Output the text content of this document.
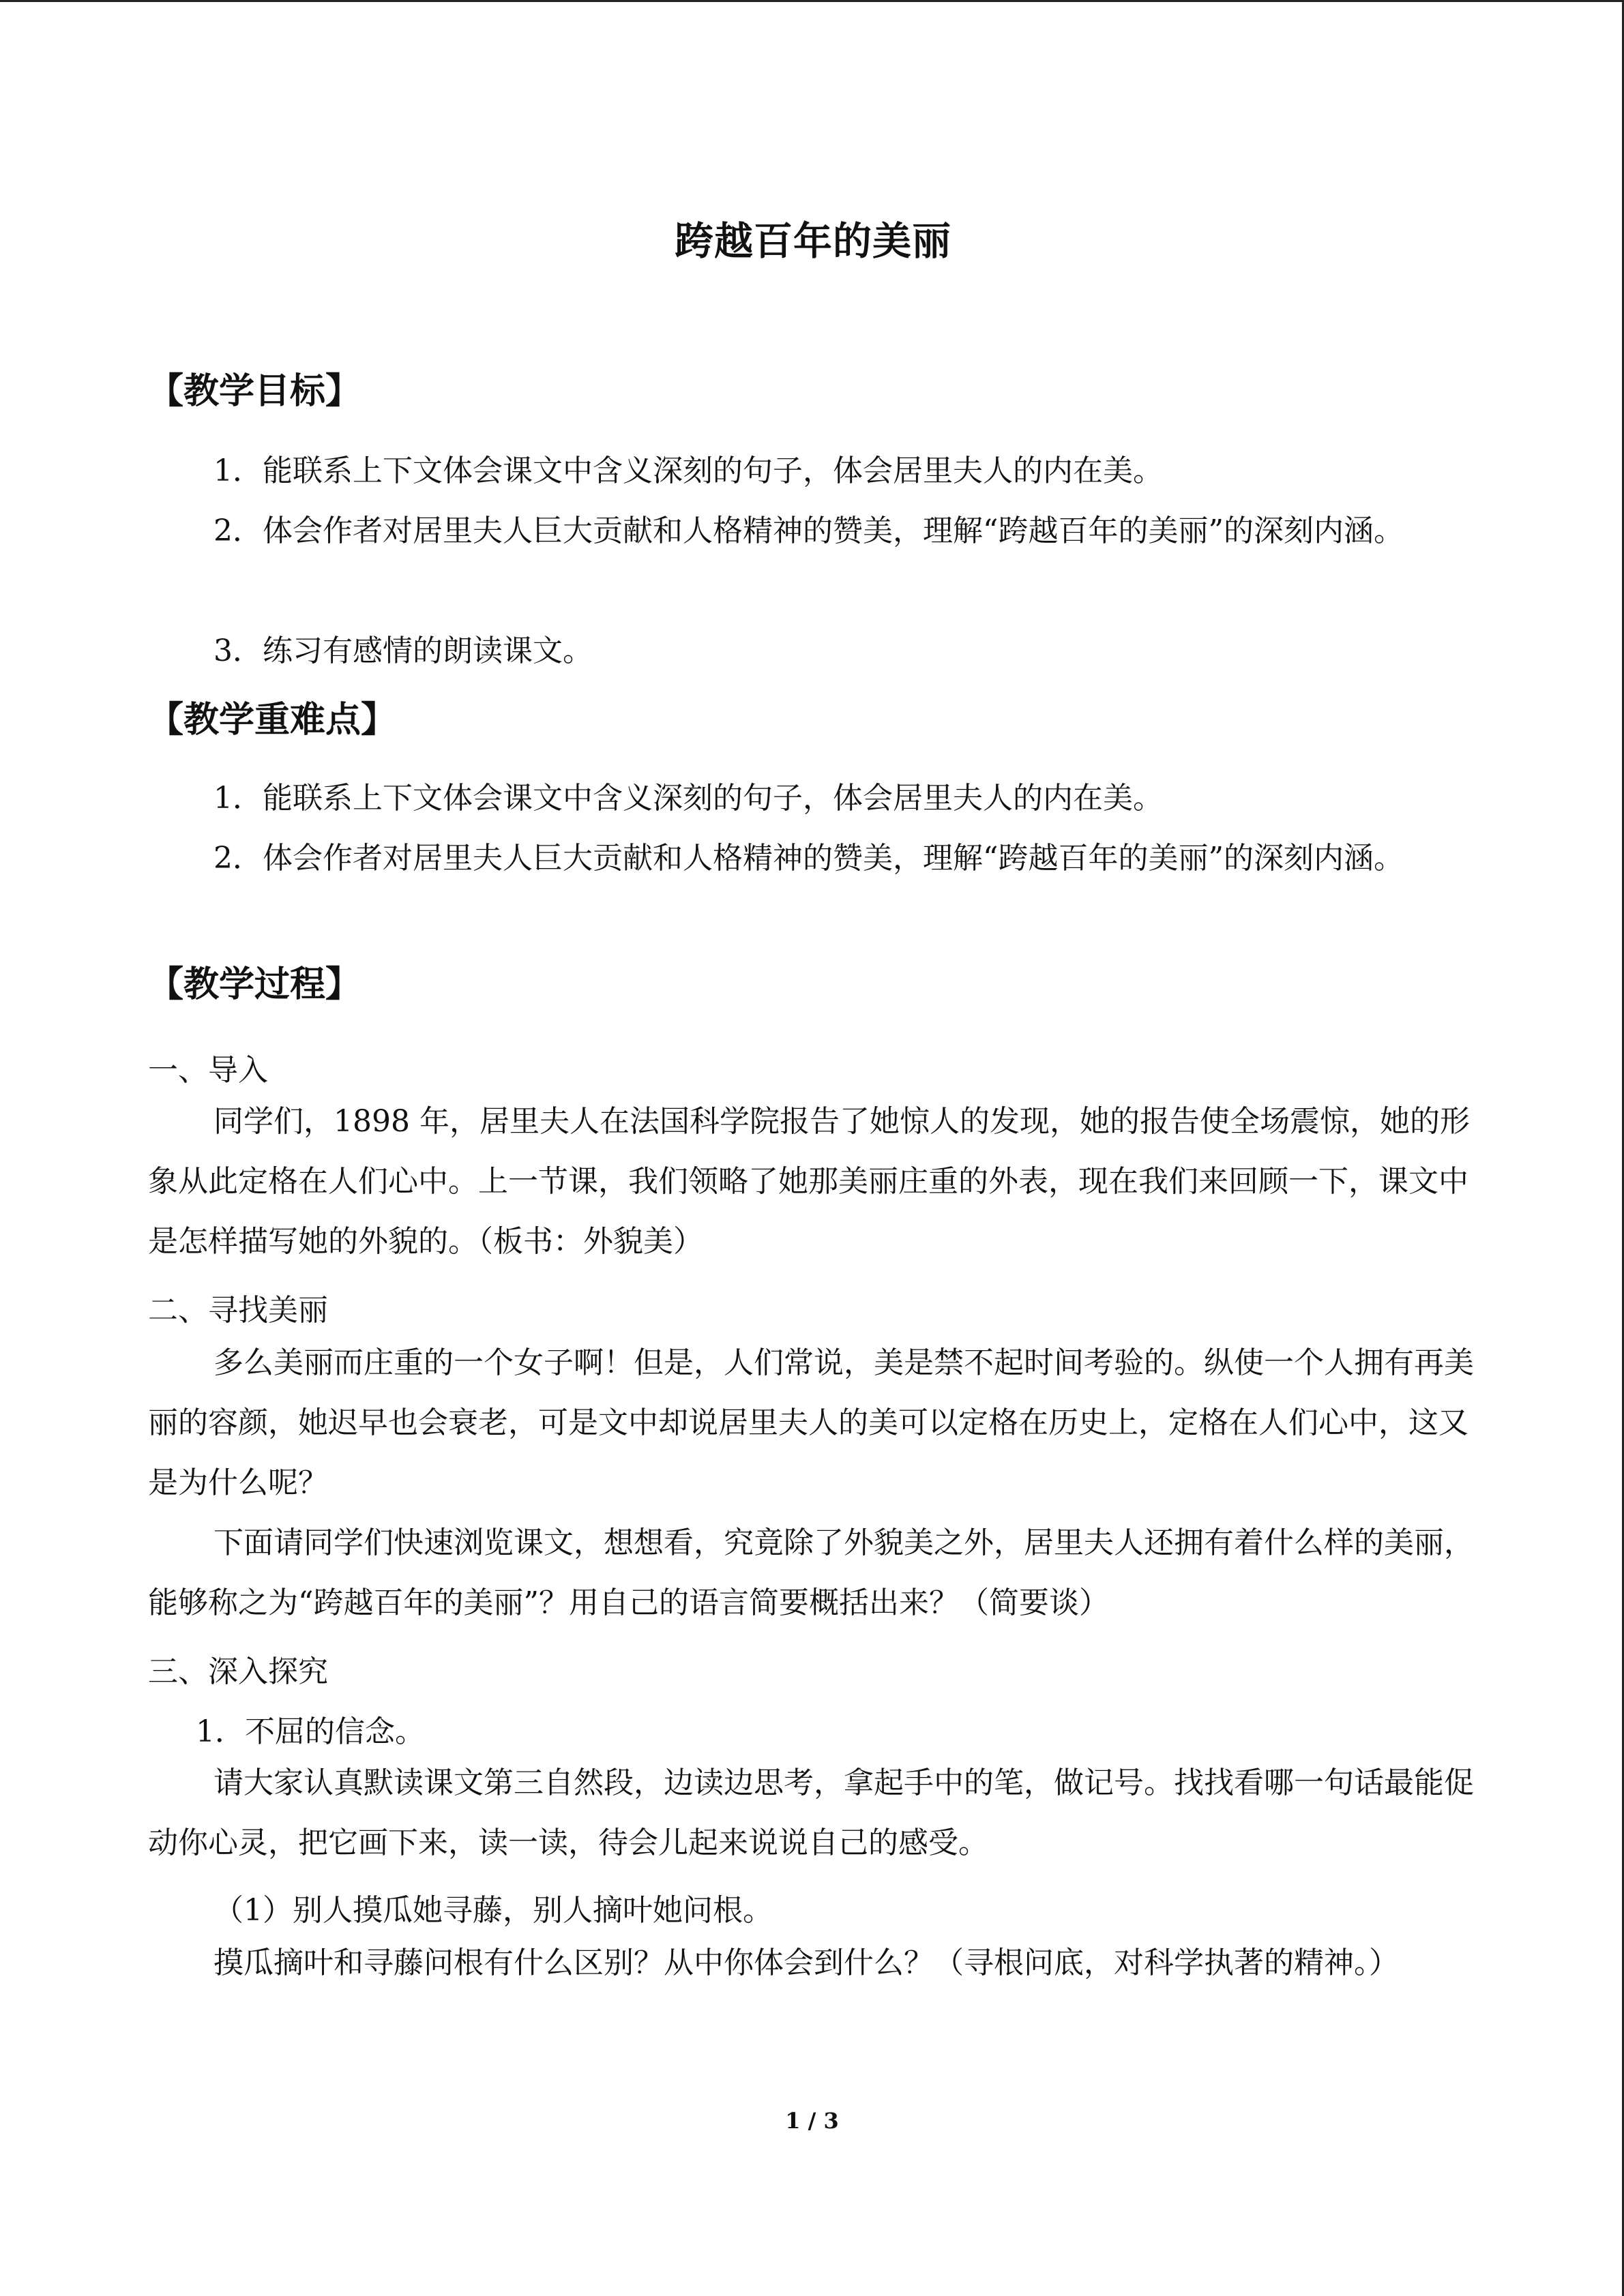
跨越百年的美丽
【教学目标】
1．能联系上下文体会课文中含义深刻的句子，体会居里夫人的内在美。
2．体会作者对居里夫人巨大贡献和人格精神的赞美，理解“跨越百年的美丽”的深刻内涵。
3．练习有感情的朗读课文。
【教学重难点】
1．能联系上下文体会课文中含义深刻的句子，体会居里夫人的内在美。
2．体会作者对居里夫人巨大贡献和人格精神的赞美，理解“跨越百年的美丽”的深刻内涵。
【教学过程】
一、导入
同学们，1898 年，居里夫人在法国科学院报告了她惊人的发现，她的报告使全场震惊，她的形象从此定格在人们心中。上一节课，我们领略了她那美丽庄重的外表，现在我们来回顾一下，课文中是怎样描写她的外貌的。（板书：外貌美）
二、寻找美丽
多么美丽而庄重的一个女子啊！但是，人们常说，美是禁不起时间考验的。纵使一个人拥有再美丽的容颜，她迟早也会衰老，可是文中却说居里夫人的美可以定格在历史上，定格在人们心中，这又是为什么呢？
下面请同学们快速浏览课文，想想看，究竟除了外貌美之外，居里夫人还拥有着什么样的美丽，能够称之为“跨越百年的美丽”？用自己的语言简要概括出来？（简要谈）
三、深入探究
1．不屈的信念。
请大家认真默读课文第三自然段，边读边思考，拿起手中的笔，做记号。找找看哪一句话最能促动你心灵，把它画下来，读一读，待会儿起来说说自己的感受。
（1）别人摸瓜她寻藤，别人摘叶她问根。
摸瓜摘叶和寻藤问根有什么区别？从中你体会到什么？（寻根问底，对科学执著的精神。）
1 / 3
